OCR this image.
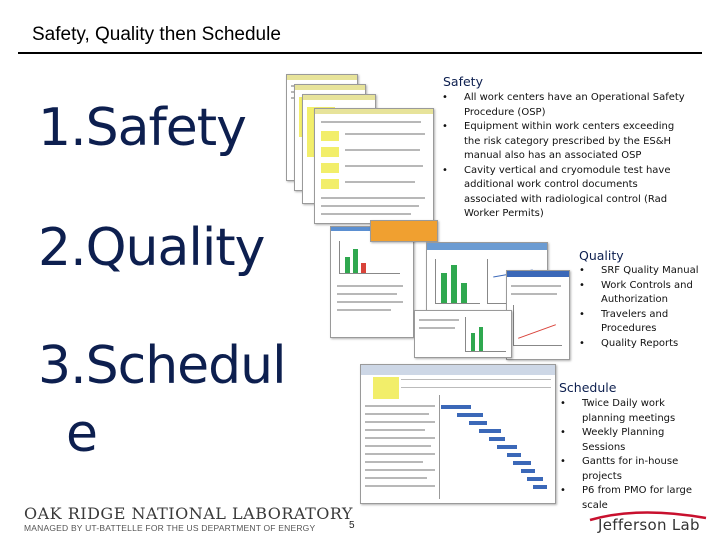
Safety, Quality then Schedule
1.Safety
2.Quality
3.Schedul
e
Safety
• All work centers have an Operational Safety Procedure (OSP)
• Equipment within work centers exceeding the risk category prescribed by the ES&H manual also has an associated OSP
• Cavity vertical and cryomodule test have additional work control documents associated with radiological control (Rad Worker Permits)
Quality
• SRF Quality Manual
• Work Controls and Authorization
• Travelers and Procedures
• Quality Reports
Schedule
• Twice Daily work planning meetings
• Weekly Planning Sessions
• Gantts for in-house projects
• P6 from PMO for large scale
OAK RIDGE NATIONAL LABORATORY
MANAGED BY UT-BATTELLE FOR THE US DEPARTMENT OF ENERGY	5	Jefferson Lab
